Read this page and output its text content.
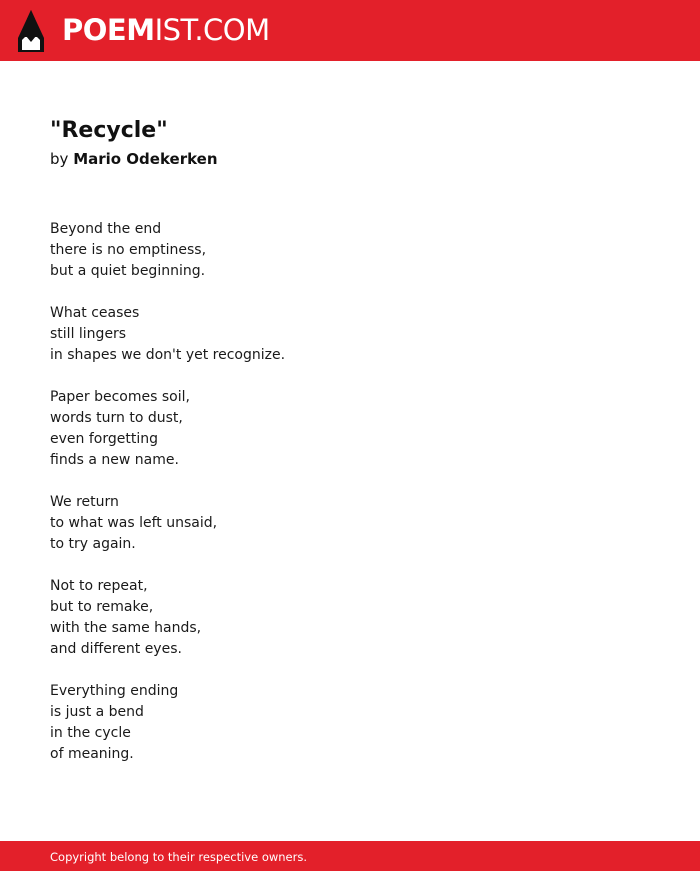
POEMIST.COM
"Recycle"
by Mario Odekerken
Beyond the end
there is no emptiness,
but a quiet beginning.
What ceases
still lingers
in shapes we don't yet recognize.
Paper becomes soil,
words turn to dust,
even forgetting
finds a new name.
We return
to what was left unsaid,
to try again.
Not to repeat,
but to remake,
with the same hands,
and different eyes.
Everything ending
is just a bend
in the cycle
of meaning.
Copyright belong to their respective owners.
